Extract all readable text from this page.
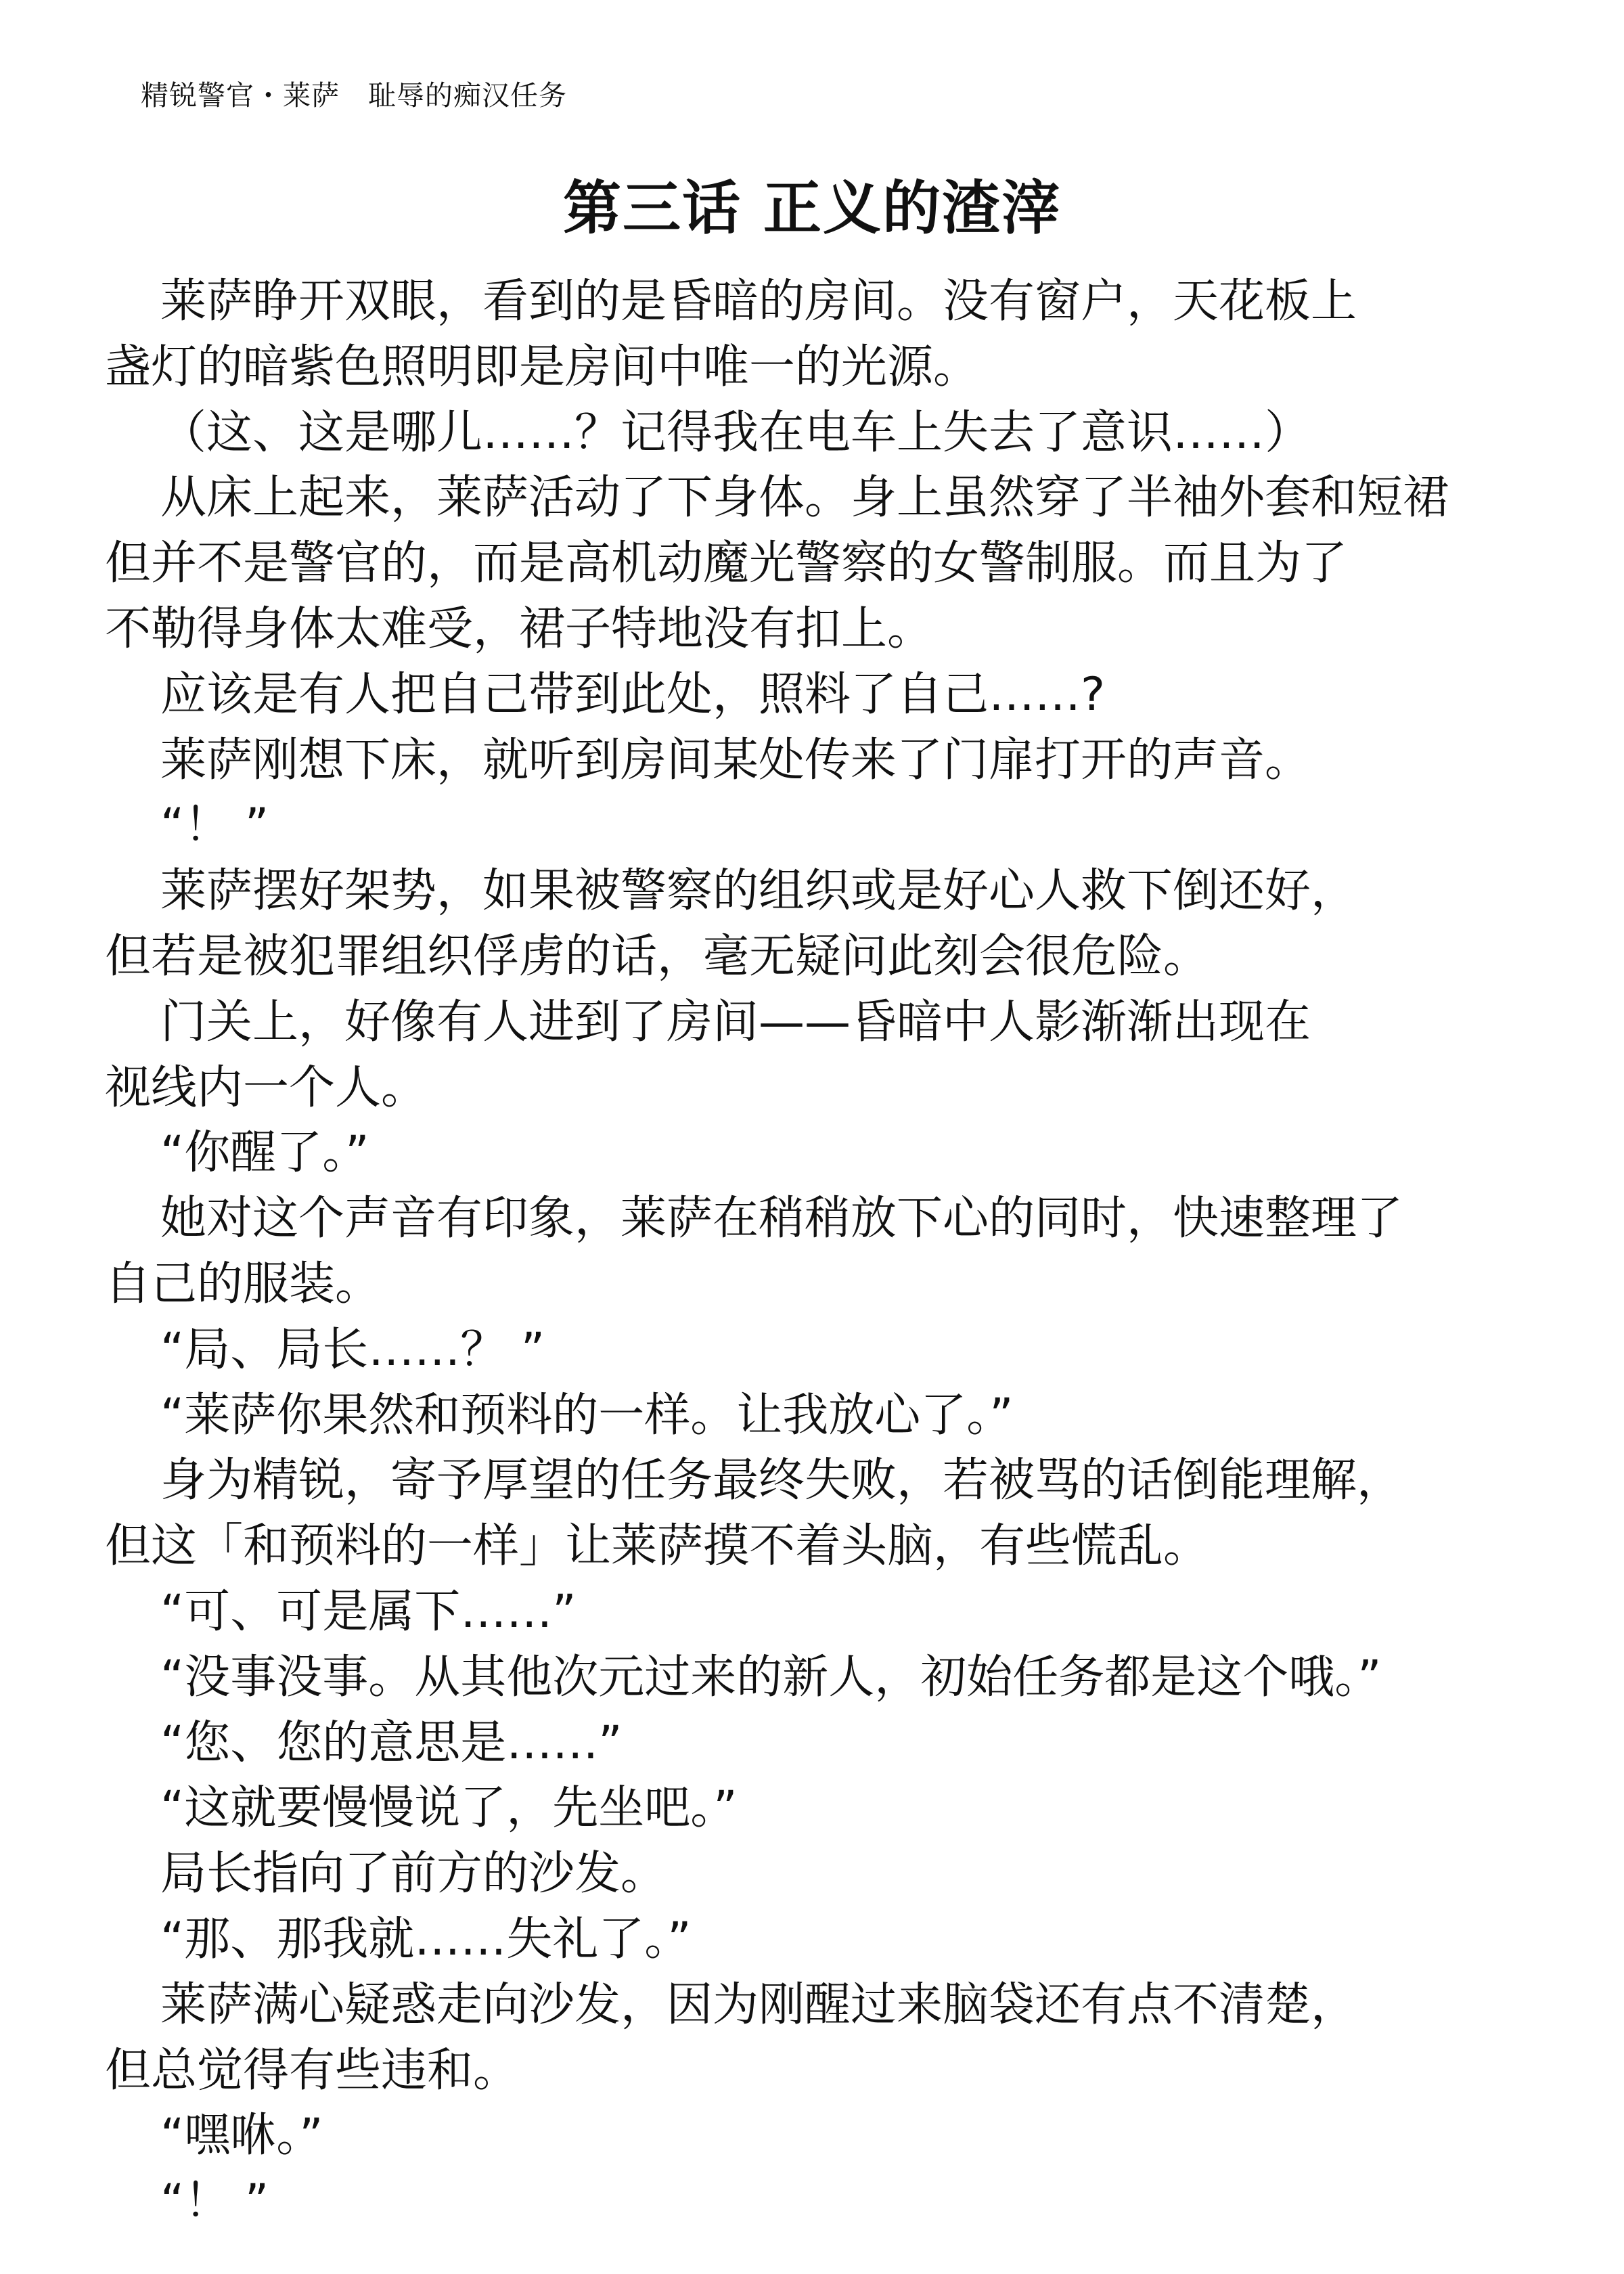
精锐警官・莱萨　耻辱的痴汉任务
第三话 正义的渣滓
莱萨睁开双眼，看到的是昏暗的房间。没有窗户，天花板上
盏灯的暗紫色照明即是房间中唯一的光源。
（这、这是哪儿……？记得我在电车上失去了意识……）
从床上起来，莱萨活动了下身体。身上虽然穿了半袖外套和短裙
但并不是警官的，而是高机动魔光警察的女警制服。而且为了
不勒得身体太难受，裙子特地没有扣上。
应该是有人把自己带到此处，照料了自己……?
莱萨刚想下床，就听到房间某处传来了门扉打开的声音。
“！ ”
莱萨摆好架势，如果被警察的组织或是好心人救下倒还好，
但若是被犯罪组织俘虏的话，毫无疑问此刻会很危险。
门关上，好像有人进到了房间——昏暗中人影渐渐出现在
视线内一个人。
“你醒了。”
她对这个声音有印象，莱萨在稍稍放下心的同时，快速整理了
自己的服装。
“局、局长……？ ”
“莱萨你果然和预料的一样。让我放心了。”
身为精锐，寄予厚望的任务最终失败，若被骂的话倒能理解，
但这「和预料的一样」让莱萨摸不着头脑，有些慌乱。
“可、可是属下……”
“没事没事。从其他次元过来的新人，初始任务都是这个哦。”
“您、您的意思是……”
“这就要慢慢说了，先坐吧。”
局长指向了前方的沙发。
“那、那我就……失礼了。”
莱萨满心疑惑走向沙发，因为刚醒过来脑袋还有点不清楚，
但总觉得有些违和。
“嘿咻。”
“！ ”
